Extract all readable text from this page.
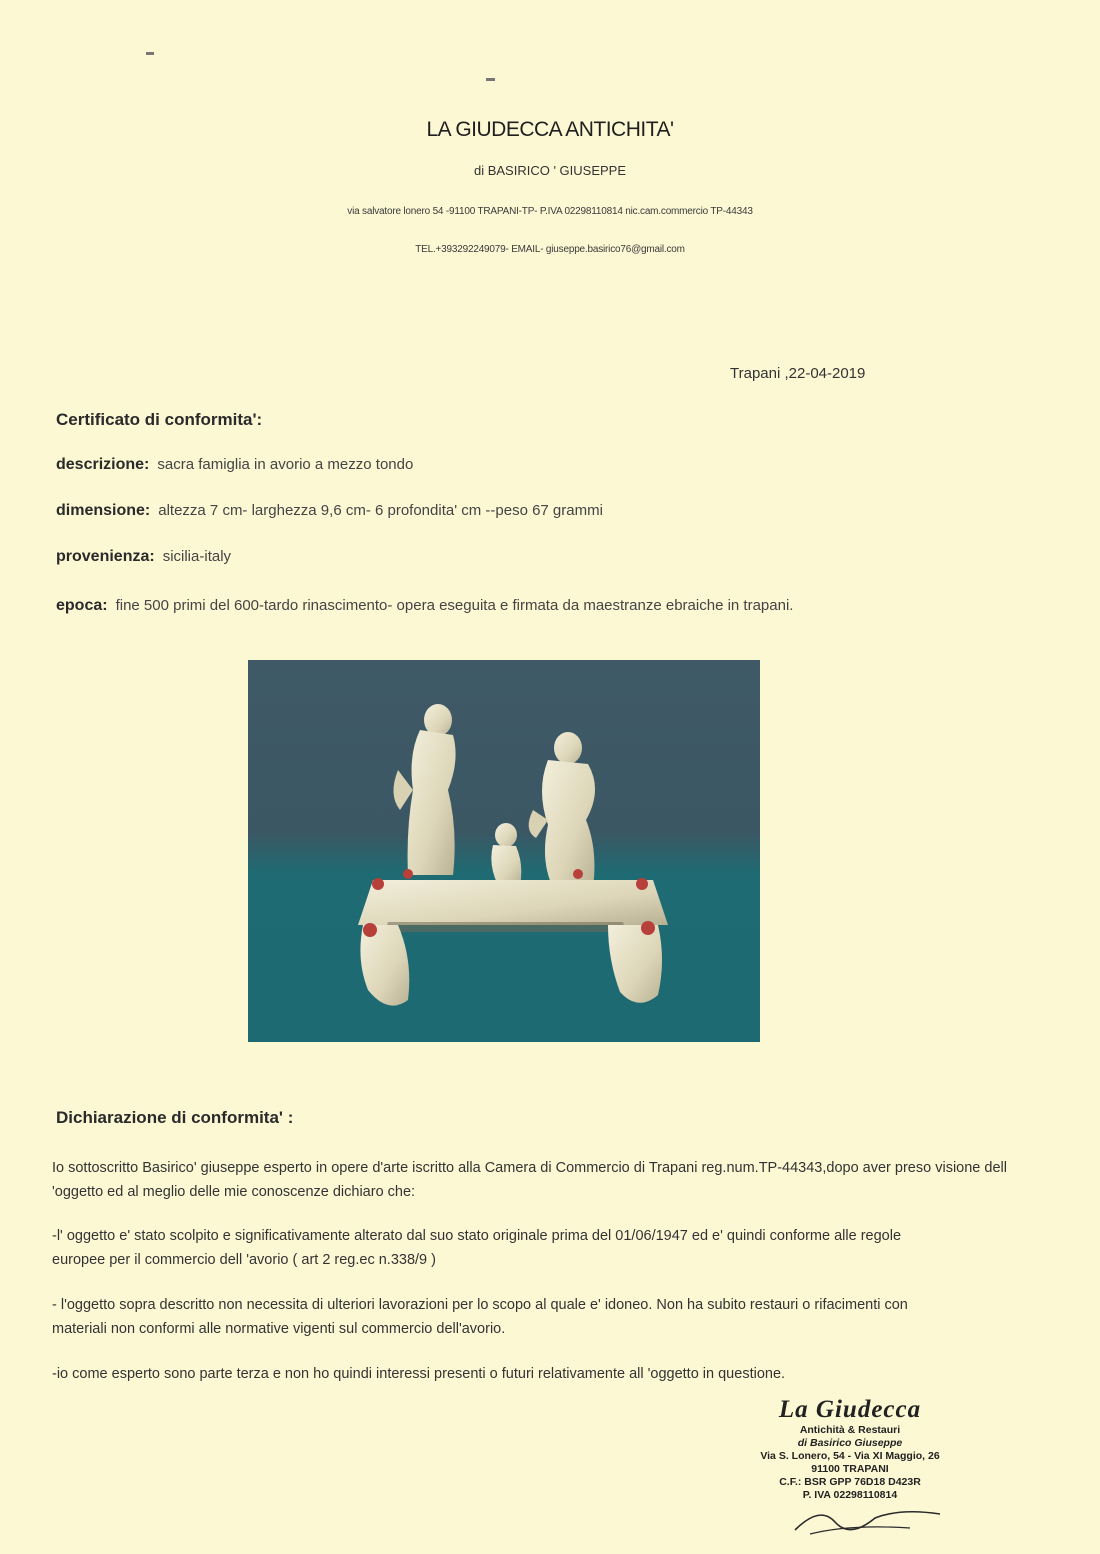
LA GIUDECCA ANTICHITA'
di BASIRICO ' GIUSEPPE
via salvatore lonero 54 -91100 TRAPANI-TP- P.IVA 02298110814 nic.cam.commercio TP-44343
TEL.+393292249079- EMAIL- giuseppe.basirico76@gmail.com
Trapani ,22-04-2019
Certificato di conformita':
descrizione: sacra famiglia in avorio a mezzo tondo
dimensione: altezza 7 cm- larghezza 9,6 cm- 6 profondita' cm --peso 67 grammi
provenienza: sicilia-italy
epoca: fine 500 primi del 600-tardo rinascimento- opera eseguita e firmata da maestranze ebraiche in trapani.
Dichiarazione di conformita' :
Io sottoscritto Basirico' giuseppe esperto in opere d'arte iscritto alla Camera di Commercio di Trapani reg.num.TP-44343,dopo aver preso visione dell 'oggetto ed al meglio delle mie conoscenze dichiaro che:
-l' oggetto e' stato scolpito e significativamente alterato dal suo stato originale prima del 01/06/1947 ed e' quindi conforme alle regole europee per il commercio dell 'avorio ( art 2 reg.ec n.338/9 )
- l'oggetto sopra descritto non necessita di ulteriori lavorazioni per lo scopo al quale e' idoneo. Non ha subito restauri o rifacimenti con materiali non conformi alle normative vigenti sul commercio dell'avorio.
-io come esperto sono parte terza e non ho quindi interessi presenti o futuri relativamente all 'oggetto in questione.
La Giudecca
Antichità & Restauri
di Basirico Giuseppe
Via S. Lonero, 54 - Via XI Maggio, 26
91100 TRAPANI
C.F.: BSR GPP 76D18 D423R
P. IVA 02298110814
